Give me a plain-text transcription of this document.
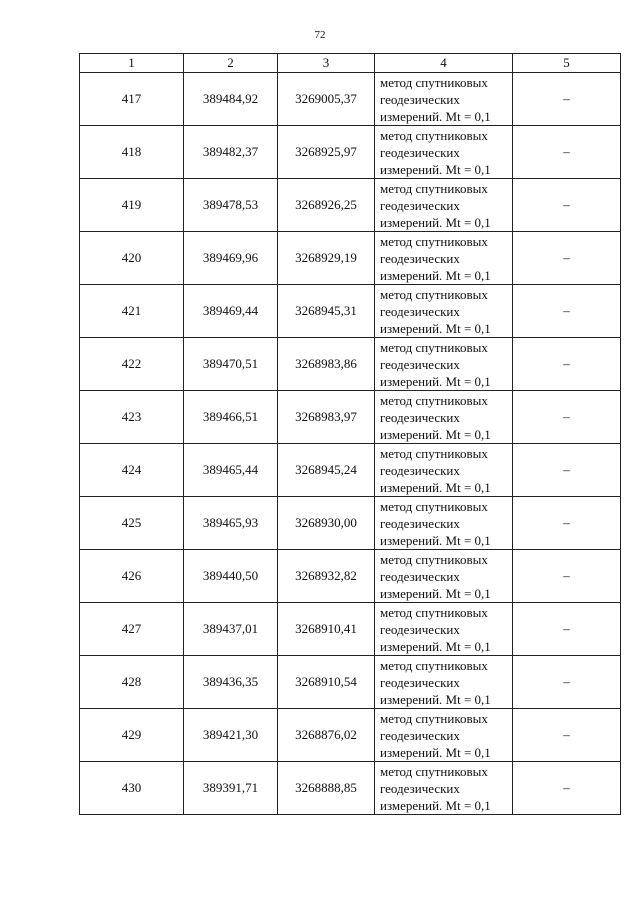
72
1	2	3	4	5
417	389484,92	3269005,37	метод спутниковых
геодезических
измерений. Mt = 0,1	–
418	389482,37	3268925,97	метод спутниковых
геодезических
измерений. Mt = 0,1	–
419	389478,53	3268926,25	метод спутниковых
геодезических
измерений. Mt = 0,1	–
420	389469,96	3268929,19	метод спутниковых
геодезических
измерений. Mt = 0,1	–
421	389469,44	3268945,31	метод спутниковых
геодезических
измерений. Mt = 0,1	–
422	389470,51	3268983,86	метод спутниковых
геодезических
измерений. Mt = 0,1	–
423	389466,51	3268983,97	метод спутниковых
геодезических
измерений. Mt = 0,1	–
424	389465,44	3268945,24	метод спутниковых
геодезических
измерений. Mt = 0,1	–
425	389465,93	3268930,00	метод спутниковых
геодезических
измерений. Mt = 0,1	–
426	389440,50	3268932,82	метод спутниковых
геодезических
измерений. Mt = 0,1	–
427	389437,01	3268910,41	метод спутниковых
геодезических
измерений. Mt = 0,1	–
428	389436,35	3268910,54	метод спутниковых
геодезических
измерений. Mt = 0,1	–
429	389421,30	3268876,02	метод спутниковых
геодезических
измерений. Mt = 0,1	–
430	389391,71	3268888,85	метод спутниковых
геодезических
измерений. Mt = 0,1	–
